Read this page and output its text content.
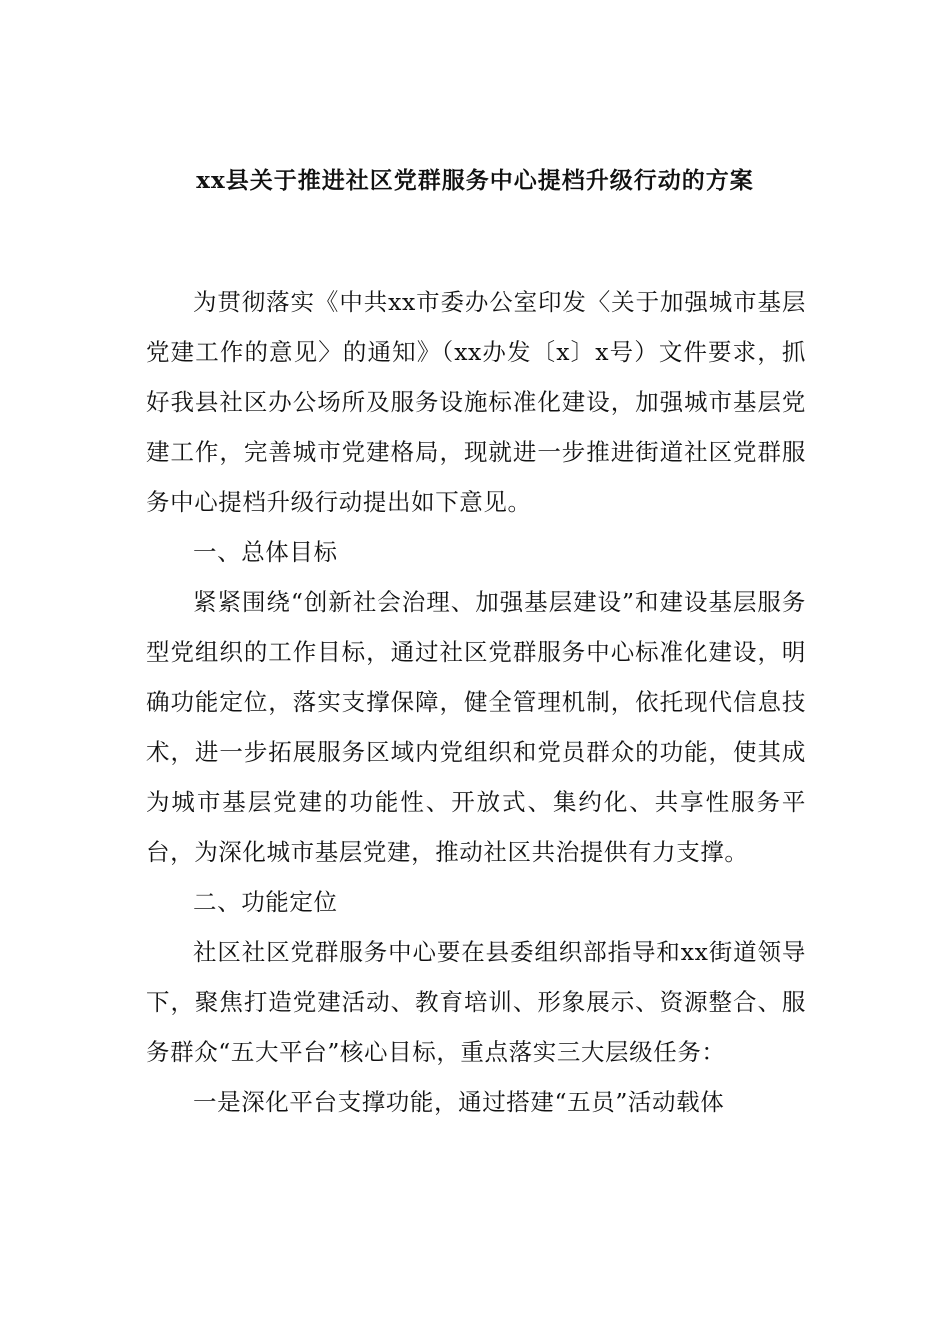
xx县关于推进社区党群服务中心提档升级行动的方案

为贯彻落实《中共xx市委办公室印发〈关于加强城市基层党建工作的意见〉的通知》（xx办发〔x〕x号）文件要求，抓好我县社区办公场所及服务设施标准化建设，加强城市基层党建工作，完善城市党建格局，现就进一步推进街道社区党群服务中心提档升级行动提出如下意见。

一、总体目标

紧紧围绕“创新社会治理、加强基层建设”和建设基层服务型党组织的工作目标，通过社区党群服务中心标准化建设，明确功能定位，落实支撑保障，健全管理机制，依托现代信息技术，进一步拓展服务区域内党组织和党员群众的功能，使其成为城市基层党建的功能性、开放式、集约化、共享性服务平台，为深化城市基层党建，推动社区共治提供有力支撑。

二、功能定位

社区社区党群服务中心要在县委组织部指导和xx街道领导下，聚焦打造党建活动、教育培训、形象展示、资源整合、服务群众“五大平台”核心目标，重点落实三大层级任务：

一是深化平台支撑功能，通过搭建“五员”活动载体
